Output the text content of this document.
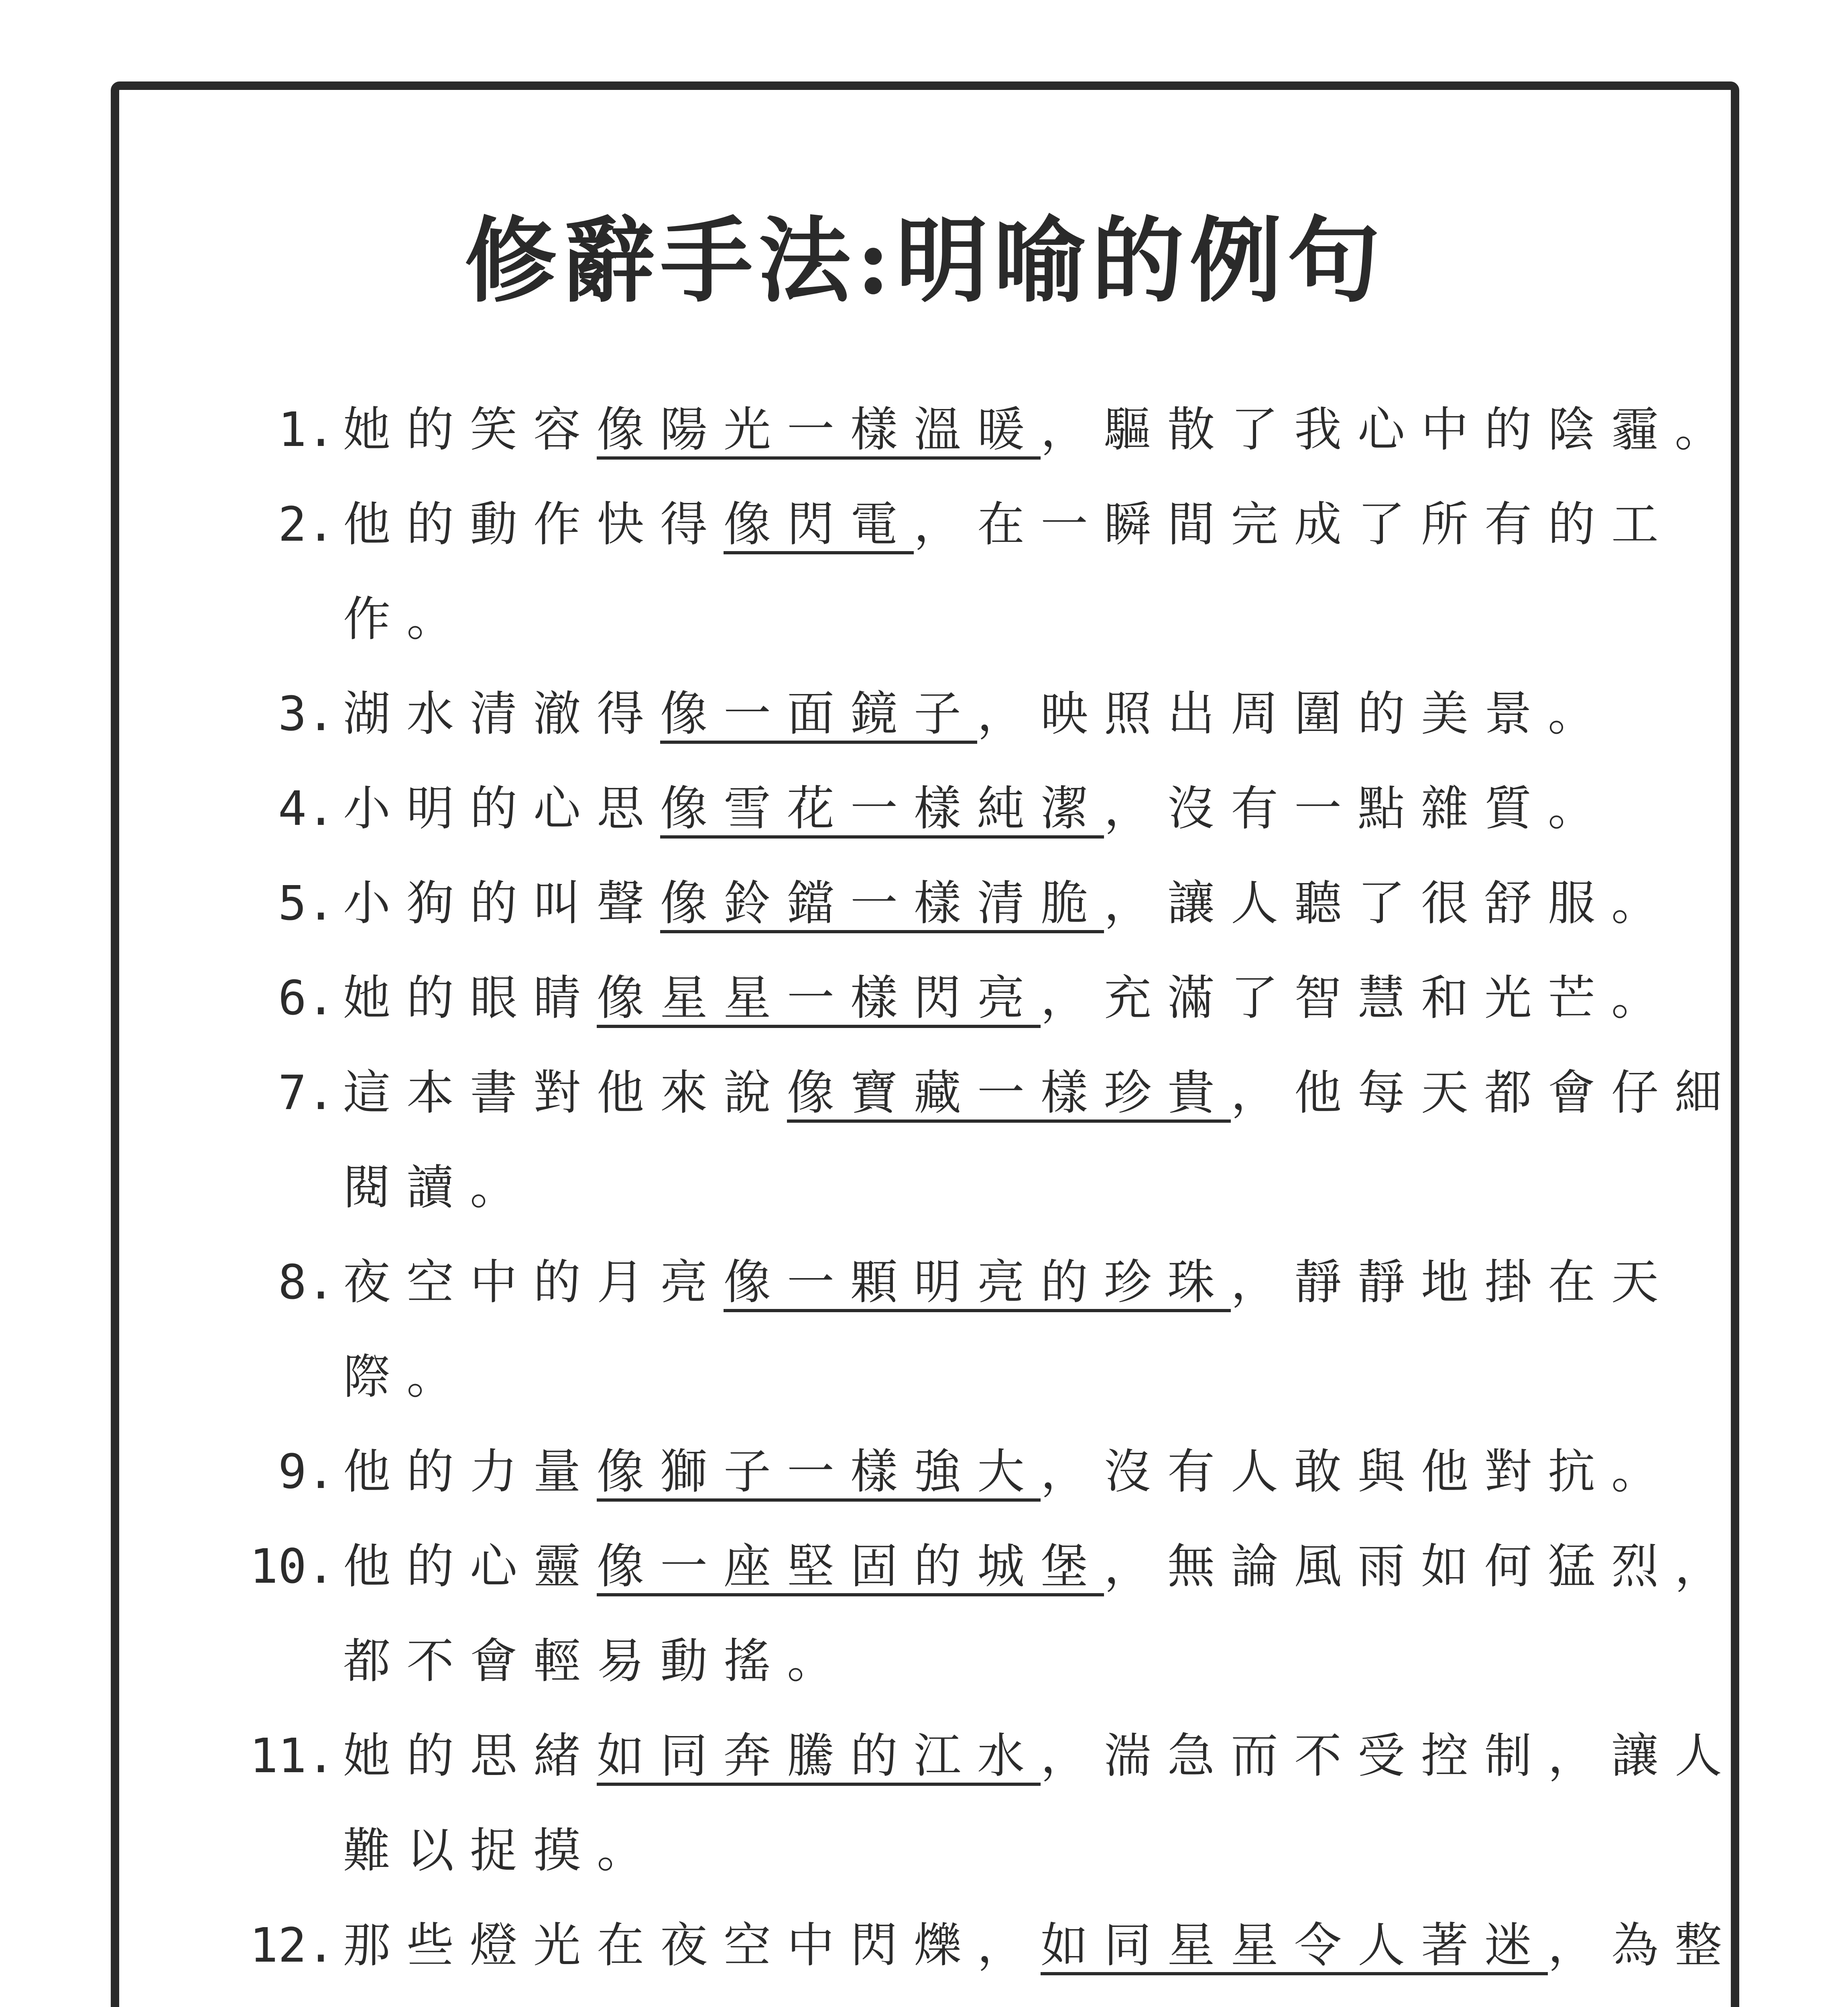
修辭手法:明喻的例句
1. 她的笑容像陽光一樣溫暖，驅散了我心中的陰霾。
2. 他的動作快得像閃電，在一瞬間完成了所有的工
作。
3. 湖水清澈得像一面鏡子，映照出周圍的美景。
4. 小明的心思像雪花一樣純潔，沒有一點雜質。
5. 小狗的叫聲像鈴鐺一樣清脆，讓人聽了很舒服。
6. 她的眼睛像星星一樣閃亮，充滿了智慧和光芒。
7. 這本書對他來說像寶藏一樣珍貴，他每天都會仔細
閱讀。
8. 夜空中的月亮像一顆明亮的珍珠，靜靜地掛在天
際。
9. 他的力量像獅子一樣強大，沒有人敢與他對抗。
10. 他的心靈像一座堅固的城堡，無論風雨如何猛烈，
都不會輕易動搖。
11. 她的思緒如同奔騰的江水，湍急而不受控制，讓人
難以捉摸。
12. 那些燈光在夜空中閃爍，如同星星令人著迷，為整
